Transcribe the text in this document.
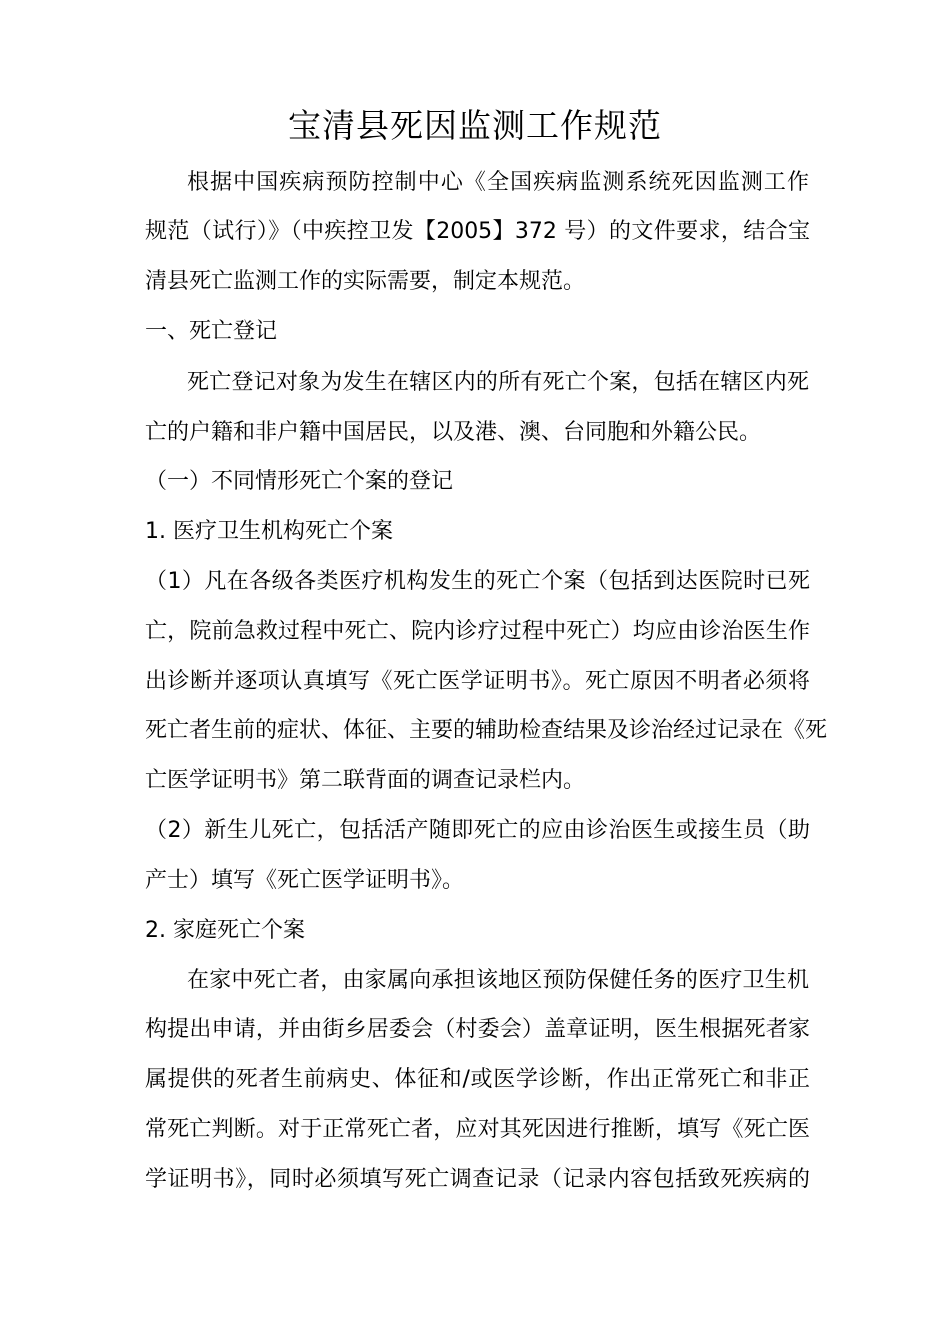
宝清县死因监测工作规范
根据中国疾病预防控制中心《全国疾病监测系统死因监测工作
规范（试行）》（中疾控卫发【2005】372 号）的文件要求，结合宝
清县死亡监测工作的实际需要，制定本规范。
一、死亡登记
死亡登记对象为发生在辖区内的所有死亡个案，包括在辖区内死
亡的户籍和非户籍中国居民，以及港、澳、台同胞和外籍公民。
（一）不同情形死亡个案的登记
1. 医疗卫生机构死亡个案
（1）凡在各级各类医疗机构发生的死亡个案（包括到达医院时已死
亡，院前急救过程中死亡、院内诊疗过程中死亡）均应由诊治医生作
出诊断并逐项认真填写《死亡医学证明书》。死亡原因不明者必须将
死亡者生前的症状、体征、主要的辅助检查结果及诊治经过记录在《死
亡医学证明书》第二联背面的调查记录栏内。
（2）新生儿死亡，包括活产随即死亡的应由诊治医生或接生员（助
产士）填写《死亡医学证明书》。
2. 家庭死亡个案
在家中死亡者，由家属向承担该地区预防保健任务的医疗卫生机
构提出申请，并由街乡居委会（村委会）盖章证明，医生根据死者家
属提供的死者生前病史、体征和/或医学诊断，作出正常死亡和非正
常死亡判断。对于正常死亡者，应对其死因进行推断，填写《死亡医
学证明书》，同时必须填写死亡调查记录（记录内容包括致死疾病的
